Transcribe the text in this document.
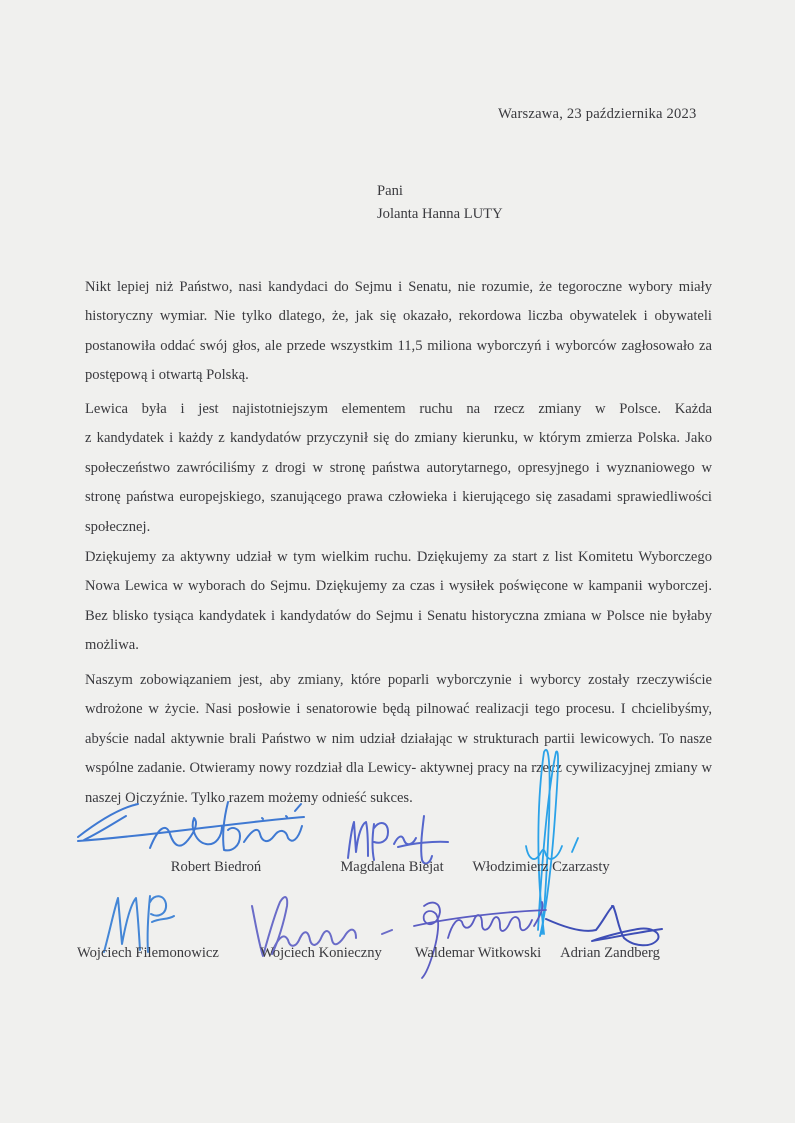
Warszawa, 23 października 2023
Pani
Jolanta Hanna LUTY
Nikt lepiej niż Państwo, nasi kandydaci do Sejmu i Senatu, nie rozumie, że tegoroczne wybory miały
historyczny wymiar. Nie tylko dlatego, że, jak się okazało, rekordowa liczba obywatelek i obywateli
postanowiła oddać swój głos, ale przede wszystkim 11,5 miliona wyborczyń i wyborców zagłosowało za
postępową i otwartą Polską.
Lewica była i jest najistotniejszym elementem ruchu na rzecz zmiany w Polsce. Każda
z kandydatek i każdy z kandydatów przyczynił się do zmiany kierunku, w którym zmierza Polska. Jako
społeczeństwo zawróciliśmy z drogi w stronę państwa autorytarnego, opresyjnego i wyznaniowego w
stronę państwa europejskiego, szanującego prawa człowieka i kierującego się zasadami sprawiedliwości
społecznej.
Dziękujemy za aktywny udział w tym wielkim ruchu. Dziękujemy za start z list Komitetu Wyborczego
Nowa Lewica w wyborach do Sejmu. Dziękujemy za czas i wysiłek poświęcone w kampanii wyborczej.
Bez blisko tysiąca kandydatek i kandydatów do Sejmu i Senatu historyczna zmiana w Polsce nie byłaby
możliwa.
Naszym zobowiązaniem jest, aby zmiany, które poparli wyborczynie i wyborcy zostały rzeczywiście
wdrożone w życie. Nasi posłowie i senatorowie będą pilnować realizacji tego procesu. I chcielibyśmy,
abyście nadal aktywnie brali Państwo w nim udział działając w strukturach partii lewicowych. To nasze
wspólne zadanie. Otwieramy nowy rozdział dla Lewicy- aktywnej pracy na rzecz cywilizacyjnej zmiany w
naszej Ojczyźnie. Tylko razem możemy odnieść sukces.
Robert Biedroń	Magdalena Biejat	Włodzimierz Czarzasty
Wojciech Filemonowicz	Wojciech Konieczny	Waldemar Witkowski	Adrian Zandberg
